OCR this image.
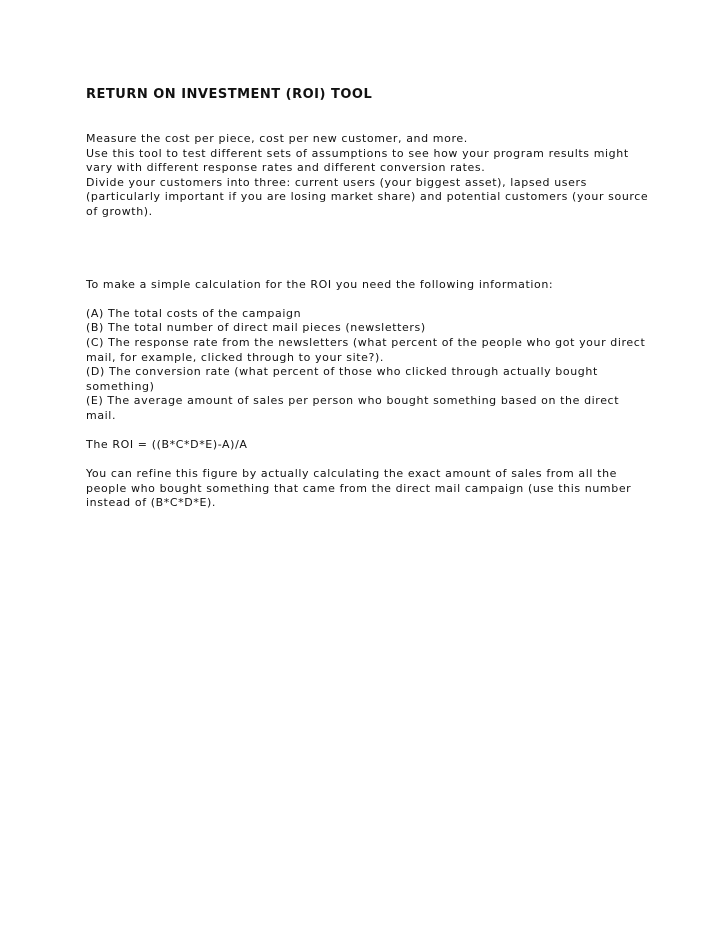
RETURN ON INVESTMENT (ROI) TOOL
Measure the cost per piece, cost per new customer, and more.
Use this tool to test different sets of assumptions to see how your program results might
vary with different response rates and different conversion rates.
Divide your customers into three: current users (your biggest asset), lapsed users
(particularly important if you are losing market share) and potential customers (your source
of growth).
To make a simple calculation for the ROI you need the following information:
(A) The total costs of the campaign
(B) The total number of direct mail pieces (newsletters)
(C) The response rate from the newsletters (what percent of the people who got your direct
mail, for example, clicked through to your site?).
(D) The conversion rate (what percent of those who clicked through actually bought
something)
(E) The average amount of sales per person who bought something based on the direct
mail.
The ROI = ((B*C*D*E)-A)/A
You can refine this figure by actually calculating the exact amount of sales from all the
people who bought something that came from the direct mail campaign (use this number
instead of (B*C*D*E).
